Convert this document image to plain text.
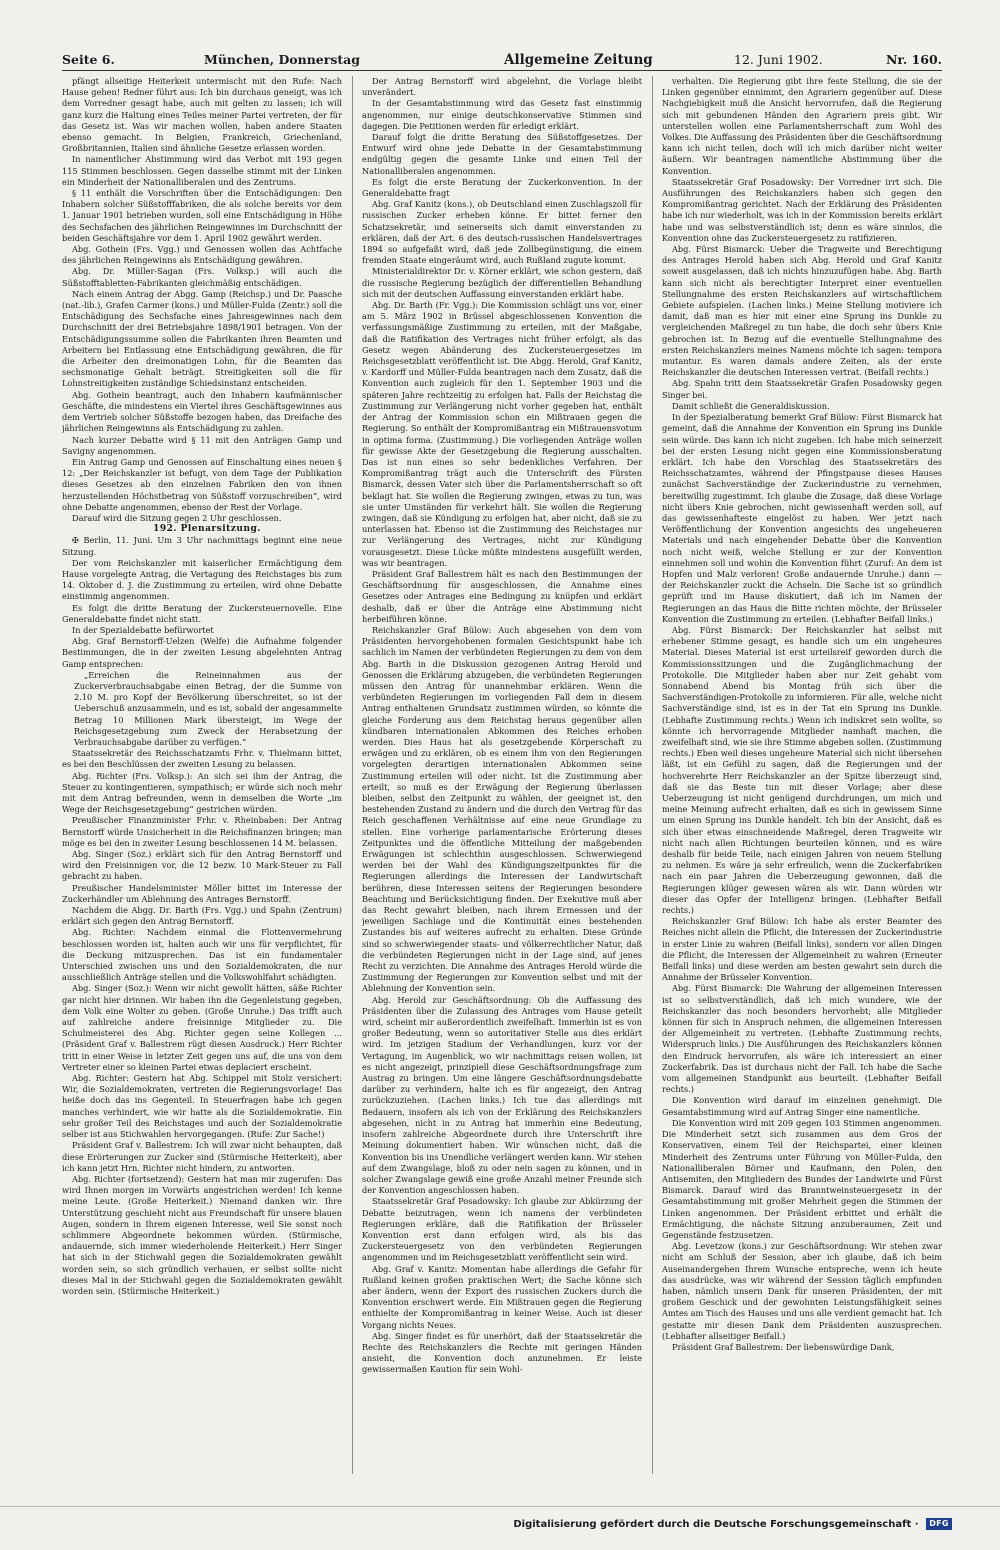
Seite 6.	München, Donnerstag	Allgemeine Zeitung	12. Juni 1902.	Nr. 160.

pfängt allseitige Heiterkeit untermischt mit den Rufe: Nach Hause gehen! Redner führt aus: Ich bin durchaus geneigt, was ich dem Vorredner gesagt habe, auch mit gelten zu lassen; ich will ganz kurz die Haltung eines Teiles meiner Partei vertreten, der für das Gesetz ist. Was wir machen wollen, haben andere Staaten ebenso gemacht. In Belgien, Frankreich, Griechenland, Großbritannien, Italien sind ähnliche Gesetze erlassen worden.

In namentlicher Abstimmung wird das Verbot mit 193 gegen 115 Stimmen beschlossen. Gegen dasselbe stimmt mit der Linken ein Minderheit der Nationalliberalen und des Zentrums.

§ 11 enthält die Vorschriften über die Entschädigungen: Den Inhabern solcher Süßstofffabriken, die als solche bereits vor dem 1. Januar 1901 betrieben wurden, soll eine Entschädigung in Höhe des Sechsfachen des jährlichen Reingewinnes im Durchschnitt der beiden Geschäftsjahre vor dem 1. April 1902 gewährt werden.

Abg. Gothein (Frs. Vgg.) und Genossen wollen das Achtfache des jährlichen Reingewinns als Entschädigung gewähren.

Abg. Dr. Müller-Sagan (Frs. Volksp.) will auch die Süßstofftabletten-Fabrikanten gleichmäßig entschädigen.

Nach einem Antrag der Abgg. Gamp (Reichsp.) und Dr. Paasche (nat.-lib.), Grafen Carmer (kons.) und Müller-Fulda (Zentr.) soll die Entschädigung des Sechsfache eines Jahresgewinnes nach dem Durchschnitt der drei Betriebsjahre 1898/1901 betragen. Von der Entschädigungssumme sollen die Fabrikanten ihren Beamten und Arbeitern bei Entlassung eine Entschädigung gewähren, die für die Arbeiter den dreimonatigen Lohn, für die Beamten das sechsmonatige Gehalt beträgt. Streitigkeiten soll die für Lohnstreitigkeiten zuständige Schiedsinstanz entscheiden.

Abg. Gothein beantragt, auch den Inhabern kaufmännischer Geschäfte, die mindestens ein Viertel ihres Geschäftsgewinnes aus dem Vertrieb solcher Süßstoffe bezogen haben, das Dreifache des jährlichen Reingewinns als Entschädigung zu zahlen.

Nach kurzer Debatte wird § 11 mit den Anträgen Gamp und Savigny angenommen.

Ein Antrag Gamp und Genossen auf Einschaltung eines neuen § 12: „Der Reichskanzler ist befugt, von dem Tage der Publikation dieses Gesetzes ab den einzelnen Fabriken den von ihnen herzustellenden Höchstbetrag von Süßstoff vorzuschreiben“, wird ohne Debatte angenommen, ebenso der Rest der Vorlage.

Darauf wird die Sitzung gegen 2 Uhr geschlossen.

192. Plenarsitzung.

✠ Berlin, 11. Juni. Um 3 Uhr nachmittags beginnt eine neue Sitzung.

Der vom Reichskanzler mit kaiserlicher Ermächtigung dem Hause vorgelegte Antrag, die Vertagung des Reichstages bis zum 14. Oktober d. J. die Zustimmung zu erteilen, wird ohne Debatte einstimmig angenommen.

Es folgt die dritte Beratung der Zuckersteuernovelle. Eine Generaldebatte findet nicht statt.

In der Spezialdebatte befürwortet

Abg. Graf Bernstorff-Uelzen (Welfe) die Aufnahme folgender Bestimmungen, die in der zweiten Lesung abgelehnten Antrag Gamp entsprechen:

„Erreichen die Reineinnahmen aus der Zuckerverbrauchsabgabe einen Betrag, der die Summe von 2.10 M. pro Kopf der Bevölkerung überschreitet, so ist der Ueberschuß anzusammeln, und es ist, sobald der angesammelte Betrag 10 Millionen Mark übersteigt, im Wege der Reichsgesetzgebung zum Zweck der Herabsetzung der Verbrauchsabgabe darüber zu verfügen.“

Staatssekretär des Reichsschatzamts Frhr. v. Thielmann bittet, es bei den Beschlüssen der zweiten Lesung zu belassen.

Abg. Richter (Frs. Volksp.): An sich sei ihm der Antrag, die Steuer zu kontingentieren, sympathisch; er würde sich noch mehr mit dem Antrag befreunden, wenn in demselben die Worte „im Wege der Reichsgesetzgebung“ gestrichen würden.

Preußischer Finanzminister Frhr. v. Rheinbaben: Der Antrag Bernstorff würde Unsicherheit in die Reichsfinanzen bringen; man möge es bei den in zweiter Lesung beschlossenen 14 M. belassen.

Abg. Singer (Soz.) erklärt sich für den Antrag Bernstorff und wird den Freisinnigen vor, die 12 bezw. 10 Mark-Steuer zu Fall gebracht zu haben.

Preußischer Handelsminister Möller bittet im Interesse der Zuckerhändler um Ablehnung des Antrages Bernstorff.

Nachdem die Abgg. Dr. Barth (Frs. Vgg.) und Spahn (Zentrum) erklärt sich gegen den Antrag Bernstorff.

Abg. Richter: Nachdem einmal die Flottenvermehrung beschlossen worden ist, halten auch wir uns für verpflichtet, für die Deckung mitzusprechen. Das ist ein fundamentaler Unterschied zwischen uns und den Sozialdemokraten, die nur ausschließlich Anträge stellen und die Volkswohlfahrt schädigten.

Abg. Singer (Soz.): Wenn wir nicht gewollt hätten, säße Richter gar nicht hier drinnen. Wir haben ihn die Gegenleistung gegeben, dem Volk eine Wolter zu geben. (Große Unruhe.) Das trifft auch auf zahlreiche andere freisinnige Mitglieder zu. Die Schulmeisterei des Abg. Richter gegen seine Kollegen ... (Präsident Graf v. Ballestrem rügt diesen Ausdruck.) Herr Richter tritt in einer Weise in letzter Zeit gegen uns auf, die uns von dem Vertreter einer so kleinen Partei etwas deplaciert erscheint.

Abg. Richter: Gestern hat Abg. Schippel mit Stolz versichert: Wir, die Sozialdemokraten, vertreten die Regierungsvorlage! Das heiße doch das ins Gegenteil. In Steuerfragen habe ich gegen manches verhindert, wie wir hatte als die Sozialdemokratie. Ein sehr großer Teil des Reichstages und auch der Sozialdemokratie selber ist aus Stichwahlen hervorgegangen. (Rufe: Zur Sache!)

Präsident Graf v. Ballestrem: Ich will zwar nicht behaupten, daß diese Erörterungen zur Zucker sind (Stürmische Heiterkeit), aber ich kann jetzt Hrn. Richter nicht hindern, zu antworten.

Abg. Richter (fortsetzend): Gestern hat man mir zugerufen: Das wird Ihnen morgen im Vorwärts angestrichen werden! Ich kenne meine Leute. (Große Heiterkeit.) Niemand danken wir. Ihre Unterstützung geschieht nicht aus Freundschaft für unsere blauen Augen, sondern in Ihrem eigenen Interesse, weil Sie sonst noch schlimmere Abgeordnete bekommen würden. (Stürmische, andauernde, sich immer wiederholende Heiterkeit.) Herr Singer hat sich in der Stichwahl gegen die Sozialdemokraten gewählt worden sein, so sich gründlich verhauen, er selbst sollte nicht dieses Mal in der Stichwahl gegen die Sozialdemokraten gewählt worden sein. (Stürmische Heiterkeit.)

Der Antrag Bernstorff wird abgelehnt, die Vorlage bleibt unverändert.

In der Gesamtabstimmung wird das Gesetz fast einstimmig angenommen, nur einige deutschkonservative Stimmen sind dagegen. Die Petitionen werden für erledigt erklärt.

Darauf folgt die dritte Beratung des Süßstoffgesetzes. Der Entwurf wird ohne jede Debatte in der Gesamtabstimmung endgültig gegen die gesamte Linke und einen Teil der Nationalliberalen angenommen.

Es folgt die erste Beratung der Zuckerkonvention. In der Generaldebatte fragt

Abg. Graf Kanitz (kons.), ob Deutschland einen Zuschlagszoll für russischen Zucker erheben könne. Er bittet ferner den Schatzsekretär, und seinerseits sich damit einverstanden zu erklären, daß der Art. 6 des deutsch-russischen Handelsvertrages 1894 so aufgefaßt wird, daß jede Zollbegünstigung, die einem fremden Staate eingeräumt wird, auch Rußland zugute kommt.

Ministerialdirektor Dr. v. Körner erklärt, wie schon gestern, daß die russische Regierung bezüglich der differentiellen Behandlung sich mit der deutschen Auffassung einverstanden erklärt habe.

Abg. Dr. Barth (Fr. Vgg.): Die Kommission schlägt uns vor, einer am 5. März 1902 in Brüssel abgeschlossenen Konvention die verfassungsmäßige Zustimmung zu erteilen, mit der Maßgabe, daß die Ratifikation des Vertrages nicht früher erfolgt, als das Gesetz wegen Abänderung des Zuckersteuergesetzes im Reichsgesetzblatt veröffentlicht ist. Die Abgg. Herold, Graf Kanitz, v. Kardorff und Müller-Fulda beantragen nach dem Zusatz, daß die Konvention auch zugleich für den 1. September 1903 und die späteren Jahre rechtzeitig zu erfolgen hat. Falls der Reichstag die Zustimmung zur Verlängerung nicht vorher gegeben hat, enthält der Antrag der Kommission schon ein Mißtrauen gegen die Regierung. So enthält der Kompromißantrag ein Mißtrauensvotum in optima forma. (Zustimmung.) Die vorliegenden Anträge wollen für gewisse Akte der Gesetzgebung die Regierung ausschalten. Das ist nun eines so sehr bedenkliches Verfahren. Der Kompromißantrag trägt auch die Unterschrift des Fürsten Bismarck, dessen Vater sich über die Parlamentsherrschaft so oft beklagt hat. Sie wollen die Regierung zwingen, etwas zu tun, was sie unter Umständen für verkehrt hält. Sie wollen die Regierung zwingen, daß sie Kündigung zu erfolgen hat, aber nicht, daß sie zu unterlassen hat. Ebenso ist die Zustimmung des Reichstages nur zur Verlängerung des Vertrages, nicht zur Kündigung vorausgesetzt. Diese Lücke müßte mindestens ausgefüllt werden, was wir beantragen.

Präsident Graf Ballestrem hält es nach den Bestimmungen der Geschäftsordnung für ausgeschlossen, die Annahme eines Gesetzes oder Antrages eine Bedingung zu knüpfen und erklärt deshalb, daß er über die Anträge eine Abstimmung nicht herbeiführen könne.

Reichskanzler Graf Bülow: Auch abgesehen von dem vom Präsidenten hervorgehobenen formalen Gesichtspunkt habe ich sachlich im Namen der verbündeten Regierungen zu dem von dem Abg. Barth in die Diskussion gezogenen Antrag Herold und Genossen die Erklärung abzugeben, die verbündeten Regierungen müssen den Antrag für unannehmbar erklären. Wenn die verbündeten Regierungen im vorliegenden Fall dem in diesem Antrag enthaltenen Grundsatz zustimmen würden, so könnte die gleiche Forderung aus dem Reichstag heraus gegenüber allen kündbaren internationalen Abkommen des Reiches erhoben werden. Dies Haus hat als gesetzgebende Körperschaft zu erwägen und zu erklären, ob es einem ihm von den Regierungen vorgelegten derartigen internationalen Abkommen seine Zustimmung erteilen will oder nicht. Ist die Zustimmung aber erteilt, so muß es der Erwägung der Regierung überlassen bleiben, selbst den Zeitpunkt zu wählen, der geeignet ist, den bestehenden Zustand zu ändern und die durch den Vertrag für das Reich geschaffenen Verhältnisse auf eine neue Grundlage zu stellen. Eine vorherige parlamentarische Erörterung dieses Zeitpunktes und die öffentliche Mitteilung der maßgebenden Erwägungen ist schlechthin ausgeschlossen. Schwerwiegend werden bei der Wahl des Kündigungszeitpunktes für die Regierungen allerdings die Interessen der Landwirtschaft berühren, diese Interessen seitens der Regierungen besondere Beachtung und Berücksichtigung finden. Der Exekutive muß aber das Recht gewahrt bleiben, nach ihrem Ermessen und der jeweiligen Sachlage und die Kontinuität eines bestehenden Zustandes bis auf weiteres aufrecht zu erhalten. Diese Gründe sind so schwerwiegender staats- und völkerrechtlicher Natur, daß die verbündeten Regierungen nicht in der Lage sind, auf jenes Recht zu verzichten. Die Annahme des Antrages Herold würde die Zustimmung der Regierungen zur Konvention selbst und mit der Ablehnung der Konvention sein.

Abg. Herold zur Geschäftsordnung: Ob die Auffassung des Präsidenten über die Zulassung des Antrages vom Hause geteilt wird, scheint mir außerordentlich zweifelhaft. Immerhin ist es von großer Bedeutung, wenn so autoritativer Stelle aus dies erklärt wird. Im jetzigen Stadium der Verhandlungen, kurz vor der Vertagung, im Augenblick, wo wir nachmittags reisen wollen, ist es nicht angezeigt, prinzipiell diese Geschäftsordnungsfrage zum Austrag zu bringen. Um eine längere Geschäftsordnungsdebatte darüber zu verhindern, halte ich es für angezeigt, den Antrag zurückzuziehen. (Lachen links.) Ich tue das allerdings mit Bedauern, insofern als ich von der Erklärung des Reichskanzlers abgesehen, nicht in zu Antrag hat immerhin eine Bedeutung, insofern zahlreiche Abgeordnete durch ihre Unterschrift ihre Meinung dokumentiert haben. Wir wünschen nicht, daß die Konvention bis ins Unendliche verlängert werden kann. Wir stehen auf dem Zwangslage, bloß zu oder nein sagen zu können, und in solcher Zwangslage gewiß eine große Anzahl meiner Freunde sich der Konvention angeschlossen haben.

Staatssekretär Graf Posadowsky: Ich glaube zur Abkürzung der Debatte beizutragen, wenn ich namens der verbündeten Regierungen erkläre, daß die Ratifikation der Brüsseler Konvention erst dann erfolgen wird, als bis das Zuckersteuergesetz von den verbündeten Regierungen angenommen und im Reichsgesetzblatt veröffentlicht sein wird.

Abg. Graf v. Kanitz: Momentan habe allerdings die Gefahr für Rußland keinen großen praktischen Wert; die Sache könne sich aber ändern, wenn der Export des russischen Zuckers durch die Konvention erschwert werde. Ein Mißtrauen gegen die Regierung enthielte der Kompromißantrag in keiner Weise. Auch ist dieser Vorgang nichts Neues.

Abg. Singer findet es für unerhört, daß der Staatssekretär die Rechte des Reichskanzlers die Rechte mit geringen Händen ansieht, die Konvention doch anzunehmen. Er leiste gewissermaßen Kaution für sein Wohl-

verhalten. Die Regierung gibt ihre feste Stellung, die sie der Linken gegenüber einnimmt, den Agrariern gegenüber auf. Diese Nachgiebigkeit muß die Ansicht hervorrufen, daß die Regierung sich mit gebundenen Händen den Agrariern preis gibt. Wir unterstellen wollen eine Parlamentsherrschaft zum Wohl des Volkes. Die Auffassung des Präsidenten über die Geschäftsordnung kann ich nicht teilen, doch will ich mich darüber nicht weiter äußern. Wir beantragen namentliche Abstimmung über die Konvention.

Staatssekretär Graf Posadowsky: Der Vorredner irrt sich. Die Ausführungen des Reichskanzlers haben sich gegen den Kompromißantrag gerichtet. Nach der Erklärung des Präsidenten habe ich nur wiederholt, was ich in der Kommission bereits erklärt habe und was selbstverständlich ist; denn es wäre sinnlos, die Konvention ohne das Zuckersteuergesetz zu ratifizieren.

Abg. Fürst Bismarck: Ueber die Tragweite und Berechtigung des Antrages Herold haben sich Abg. Herold und Graf Kanitz soweit ausgelassen, daß ich nichts hinzuzufügen habe. Abg. Barth kann sich nicht als berechtigter Interpret einer eventuellen Stellungnahme des ersten Reichskanzlers auf wirtschaftlichem Gebiete aufspielen. (Lachen links.) Meine Stellung motiviere ich damit, daß man es hier mit einer eine Sprung ins Dunkle zu vergleichenden Maßregel zu tun habe, die doch sehr übers Knie gebrochen ist. In Bezug auf die eventuelle Stellungnahme des ersten Reichskanzlers meines Namens möchte ich sagen: tempora mutantur. Es waren damals andere Zeiten, als der erste Reichskanzler die deutschen Interessen vertrat. (Beifall rechts.)

Abg. Spahn tritt dem Staatssekretär Grafen Posadowsky gegen Singer bei.

Damit schließt die Generaldiskussion.

In der Spezialberatung bemerkt Graf Bülow: Fürst Bismarck hat gemeint, daß die Annahme der Konvention ein Sprung ins Dunkle sein würde. Das kann ich nicht zugeben. Ich habe mich seinerzeit bei der ersten Lesung nicht gegen eine Kommissionsberatung erklärt. Ich habe den Vorschlag des Staatssekretärs des Reichsschatzamtes, während der Pfingstpause dieses Hauses zunächst Sachverständige der Zuckerindustrie zu vernehmen, bereitwillig zugestimmt. Ich glaube die Zusage, daß diese Vorlage nicht übers Knie gebrochen, nicht gewissenhaft werden soll, auf das gewissenhafteste eingelöst zu haben. Wer jetzt nach Veröffentlichung der Konvention angesichts des ungeheueren Materials und nach eingehender Debatte über die Konvention noch nicht weiß, welche Stellung er zur der Konvention einnehmen soll und wohin die Konvention führt (Zuruf: An dem ist Hopfen und Malz verloren! Große andauernde Unruhe.) dann — der Reichskanzler zuckt die Achseln. Die Sache ist so gründlich geprüft und im Hause diskutiert, daß ich im Namen der Regierungen an das Haus die Bitte richten möchte, der Brüsseler Konvention die Zustimmung zu erteilen. (Lebhafter Beifall links.)

Abg. Fürst Bismarck: Der Reichskanzler hat selbst mit erhebener Stimme gesagt, es handle sich um ein ungeheures Material. Dieses Material ist erst urteilsreif geworden durch die Kommissionssitzungen und die Zugänglichmachung der Protokolle. Die Mitglieder haben aber nur Zeit gehabt vom Sonnabend Abend bis Montag früh sich über die Sachverständigen-Protokolle zu informieren. Für alle, welche nicht Sachverständige sind, ist es in der Tat ein Sprung ins Dunkle. (Lebhafte Zustimmung rechts.) Wenn ich indiskret sein wollte, so könnte ich hervorragende Mitglieder namhaft machen, die zweifelhaft sind, wie sie ihre Stimme abgeben sollen. (Zustimmung rechts.) Eben weil dieses ungeheure Material sich nicht übersehen läßt, ist ein Gefühl zu sagen, daß die Regierungen und der hochverehrte Herr Reichskanzler an der Spitze überzeugt sind, daß sie das Beste tun mit dieser Vorlage; aber diese Ueberzeugung ist nicht genügend durchdrungen, um mich und meine Meinung aufrecht erhalten, daß es sich in gewissem Sinne um einen Sprung ins Dunkle handelt. Ich bin der Ansicht, daß es sich über etwas einschneidende Maßregel, deren Tragweite wir nicht nach allen Richtungen beurteilen können, und es wäre deshalb für beide Teile, nach einigen Jahren von neuem Stellung zu nehmen. Es wäre ja sehr erfreulich, wenn die Zuckerfabriken nach ein paar Jahren die Ueberzeugung gewonnen, daß die Regierungen klüger gewesen wären als wir. Dann würden wir dieser das Opfer der Intelligenz bringen. (Lebhafter Beifall rechts.)

Reichskanzler Graf Bülow: Ich habe als erster Beamter des Reiches nicht allein die Pflicht, die Interessen der Zuckerindustrie in erster Linie zu wahren (Beifall links), sondern vor allen Dingen die Pflicht, die Interessen der Allgemeinheit zu wahren (Erneuter Beifall links) und diese werden am besten gewahrt sein durch die Annahme der Brüsseler Konvention.

Abg. Fürst Bismarck: Die Wahrung der allgemeinen Interessen ist so selbstverständlich, daß ich mich wundere, wie der Reichskanzler das noch besonders hervorhebt; alle Mitglieder können für sich in Anspruch nehmen, die allgemeinen Interessen der Allgemeinheit zu vertreten. (Lebhafte Zustimmung rechts, Widerspruch links.) Die Ausführungen des Reichskanzlers können den Eindruck hervorrufen, als wäre ich interessiert an einer Zuckerfabrik. Das ist durchaus nicht der Fall. Ich habe die Sache vom allgemeinen Standpunkt aus beurteilt. (Lebhafter Beifall rechts.)

Die Konvention wird darauf im einzelnen genehmigt. Die Gesamtabstimmung wird auf Antrag Singer eine namentliche.

Die Konvention wird mit 209 gegen 103 Stimmen angenommen. Die Minderheit setzt sich zusammen aus dem Gros der Konservativen, einem Teil der Reichspartei, einer kleinen Minderheit des Zentrums unter Führung von Müller-Fulda, den Nationalliberalen Börner und Kaufmann, den Polen, den Antisemiten, den Mitgliedern des Bundes der Landwirte und Fürst Bismarck. Darauf wird das Branntweinsteuergesetz in der Gesamtabstimmung mit großer Mehrheit gegen die Stimmen der Linken angenommen. Der Präsident erbittet und erhält die Ermächtigung, die nächste Sitzung anzuberaumen, Zeit und Gegenstände festzusetzen.

Abg. Levetzow (kons.) zur Geschäftsordnung: Wir stehen zwar nicht am Schluß der Session, aber ich glaube, daß ich beim Auseinandergehen Ihrem Wunsche entspreche, wenn ich heute das ausdrücke, was wir während der Session täglich empfunden haben, nämlich unsern Dank für unseren Präsidenten, der mit großem Geschick und der gewohnten Leistungsfähigkeit seines Amtes am Tisch des Hauses und uns alle verdient gemacht hat. Ich gestatte mir diesen Dank dem Präsidenten auszusprechen. (Lebhafter allseitiger Beifall.)

Präsident Graf Ballestrem: Der liebenswürdige Dank,

Digitalisierung gefördert durch die Deutsche Forschungsgemeinschaft · DFG
